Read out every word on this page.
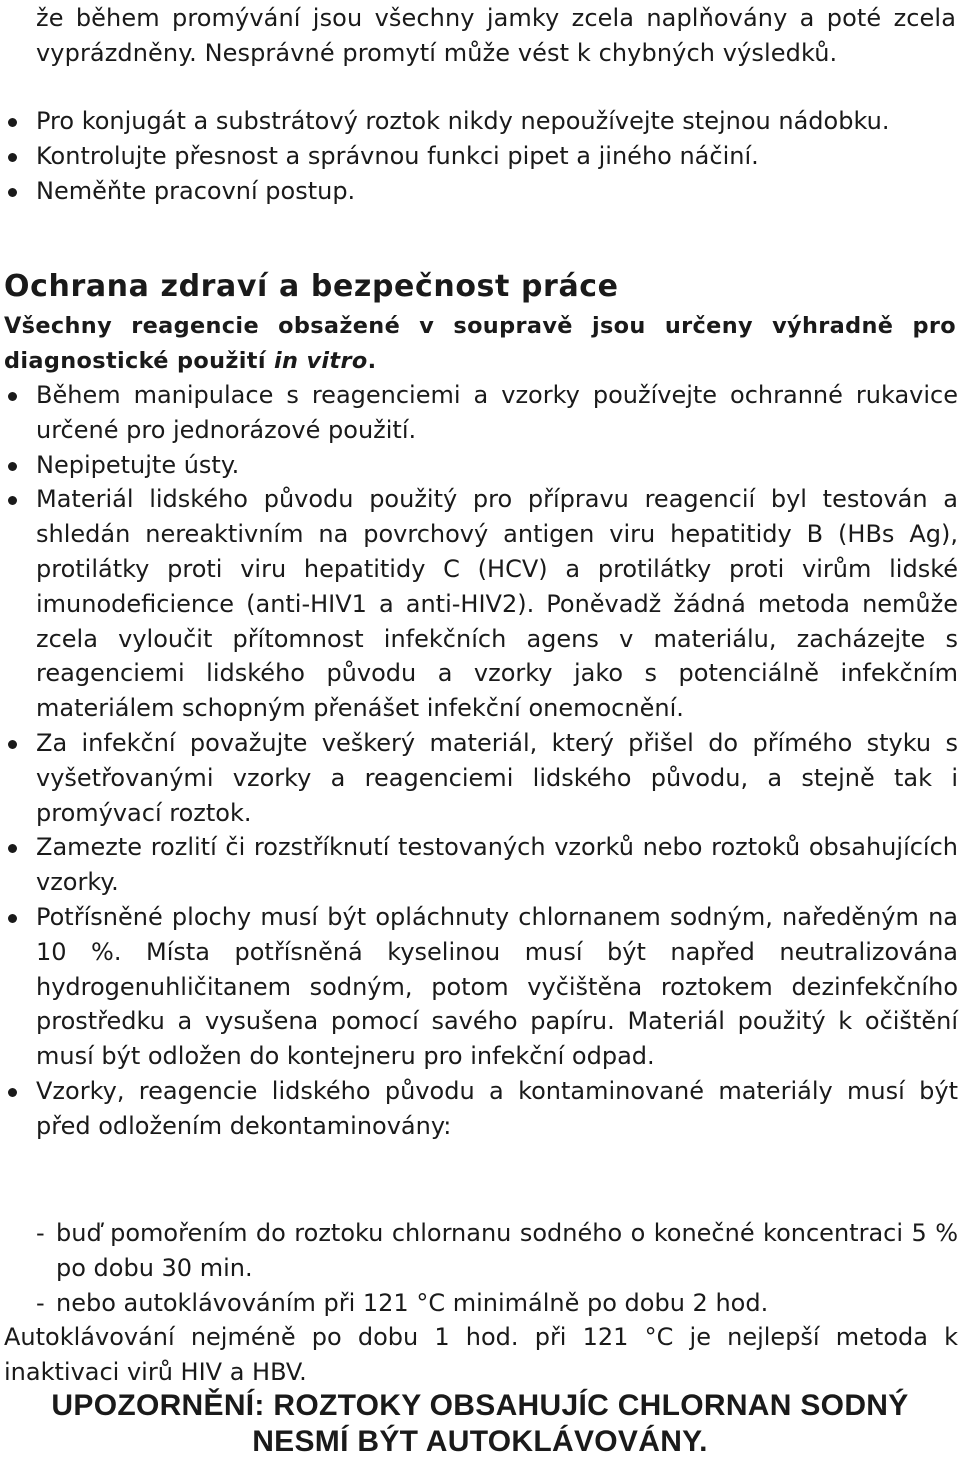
že během promývání jsou všechny jamky zcela naplňovány a poté zcela vyprázdněny. Nesprávné promytí může vést k chybných výsledků.
Pro konjugát a substrátový roztok nikdy nepoužívejte stejnou nádobku.
Kontrolujte přesnost a správnou funkci pipet a jiného náčiní.
Neměňte pracovní postup.
Ochrana zdraví a bezpečnost práce
Všechny reagencie obsažené v soupravě jsou určeny výhradně pro diagnostické použití in vitro.
Během manipulace s reagenciemi a vzorky používejte ochranné rukavice určené pro jednorázové použití.
Nepipetujte ústy.
Materiál lidského původu použitý pro přípravu reagencií byl testován a shledán nereaktivním na povrchový antigen viru hepatitidy B (HBs Ag), protilátky proti viru hepatitidy C (HCV) a protilátky proti virům lidské imunodeficience (anti-HIV1 a anti-HIV2). Poněvadž žádná metoda nemůže zcela vyloučit přítomnost infekčních agens v materiálu, zacházejte s reagenciemi lidského původu a vzorky jako s potenciálně infekčním materiálem schopným přenášet infekční onemocnění.
Za infekční považujte veškerý materiál, který přišel do přímého styku s vyšetřovanými vzorky a reagenciemi lidského původu, a stejně tak i promývací roztok.
Zamezte rozlití či rozstříknutí testovaných vzorků nebo roztoků obsahujících vzorky.
Potřísněné plochy musí být opláchnuty chlornanem sodným, naředěným na 10 %. Místa potřísněná kyselinou musí být napřed neutralizována hydrogenuhličitanem sodným, potom vyčištěna roztokem dezinfekčního prostředku a vysušena pomocí savého papíru. Materiál použitý k očištění musí být odložen do kontejneru pro infekční odpad.
Vzorky, reagencie lidského původu a kontaminované materiály musí být před odložením dekontaminovány:
- buď pomořením do roztoku chlornanu sodného o konečné koncentraci 5 % po dobu 30 min.
- nebo autoklávováním při 121 °C minimálně po dobu 2 hod.
Autoklávování nejméně po dobu 1 hod. při 121 °C je nejlepší metoda k inaktivaci virů HIV a HBV.
UPOZORNĚNÍ: ROZTOKY OBSAHUJÍC CHLORNAN SODNÝ
NESMÍ BÝT AUTOKLÁVOVÁNY.
